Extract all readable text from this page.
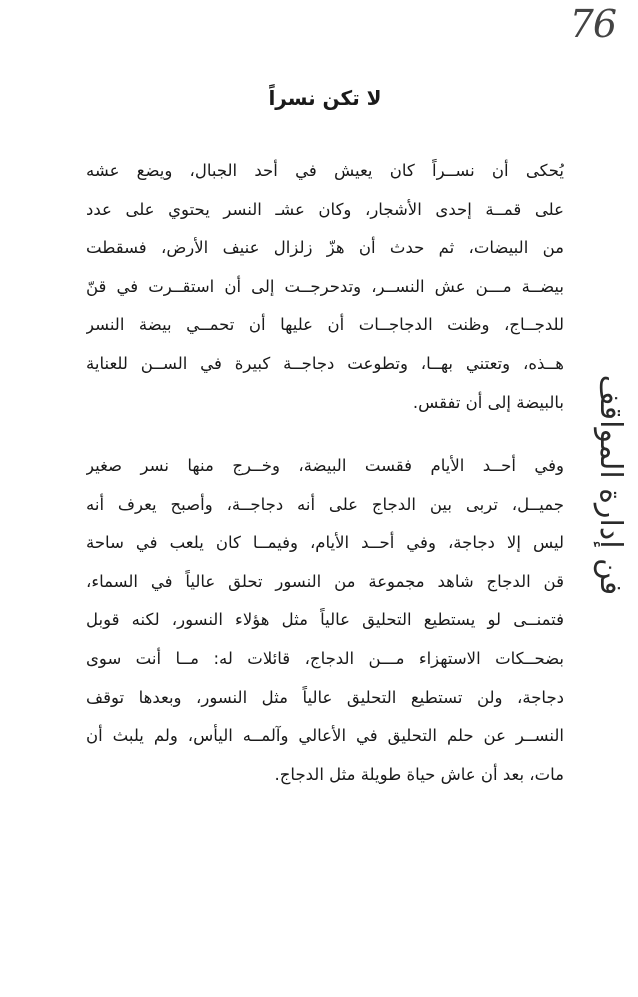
76
فن إدارة المواقف
لا تكن نسراً
يُحكى أن نســراً كان يعيش في أحد الجبال، ويضع عشه
على قمــة إحدى الأشجار، وكان عشـ النسر يحتوي على عدد
من البيضات، ثم حدث أن هزّ زلزال عنيف الأرض، فسقطت
بيضــة مـــن عش النســر، وتدحرجــت إلى أن استقــرت في قنّ
للدجــاج، وظنت الدجاجــات أن عليها أن تحمــي بيضة النسر
هــذه، وتعتني بهــا، وتطوعت دجاجــة كبيرة في الســن للعناية
بالبيضة إلى أن تفقس.
وفي أحــد الأيام فقست البيضة، وخــرج منها نسر صغير
جميــل، تربى بين الدجاج على أنه دجاجــة، وأصبح يعرف أنه
ليس إلا دجاجة، وفي أحــد الأيام، وفيمــا كان يلعب في ساحة
قن الدجاج شاهد مجموعة من النسور تحلق عالياً في السماء،
فتمنــى لو يستطيع التحليق عالياً مثل هؤلاء النسور، لكنه قوبل
بضحــكات الاستهزاء مـــن الدجاج، قائلات له: مــا أنت سوى
دجاجة، ولن تستطيع التحليق عالياً مثل النسور، وبعدها توقف
النســر عن حلم التحليق في الأعالي وآلمــه اليأس، ولم يلبث أن
مات، بعد أن عاش حياة طويلة مثل الدجاج.
